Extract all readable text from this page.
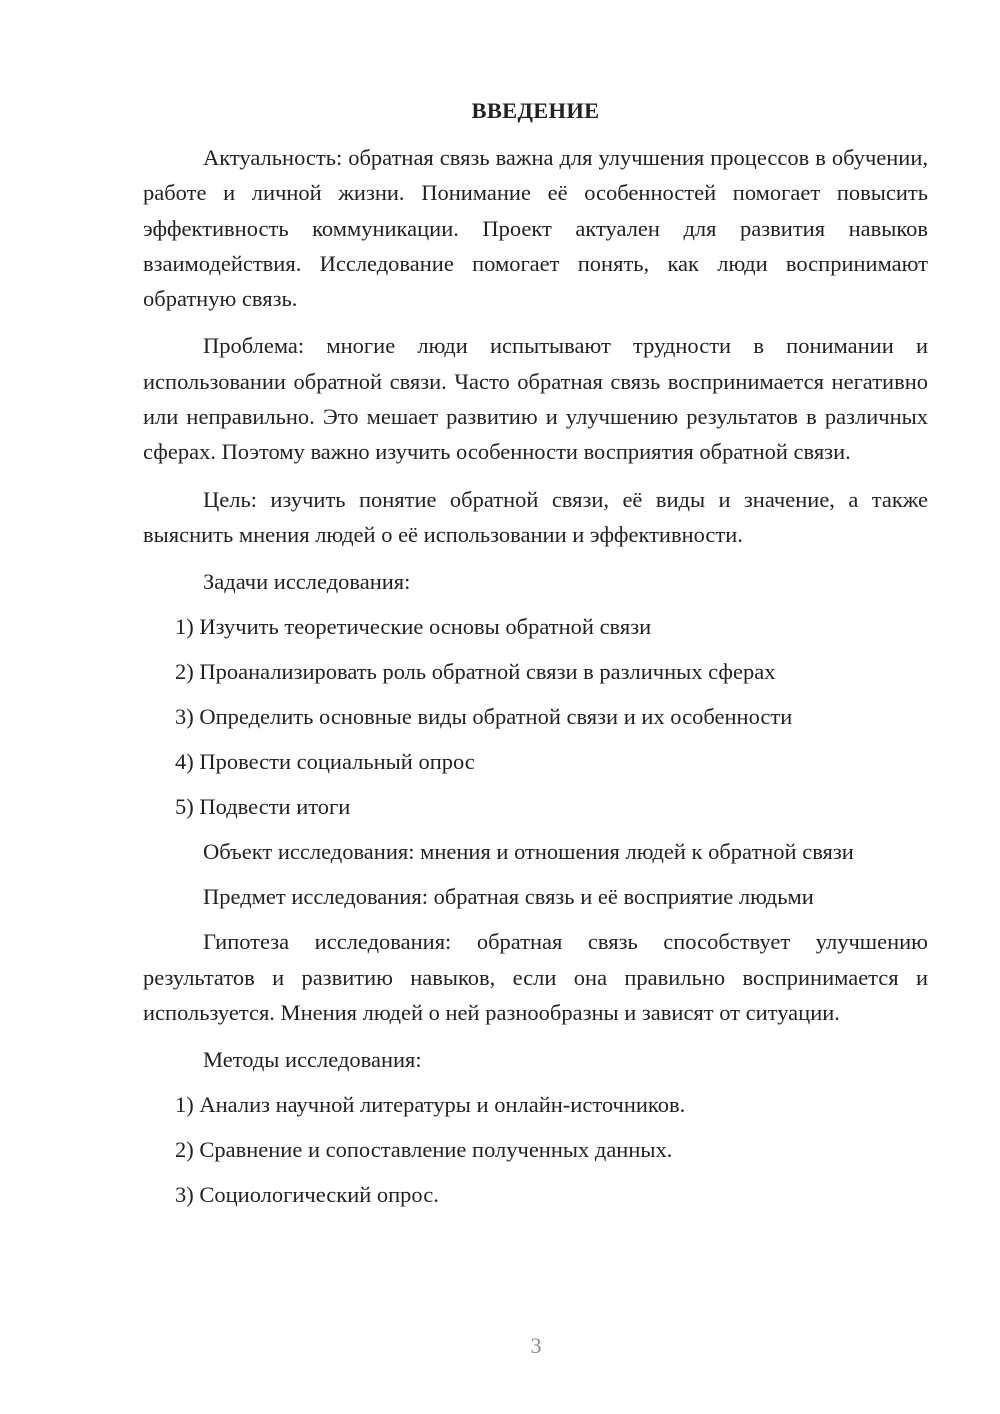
ВВЕДЕНИЕ

Актуальность: обратная связь важна для улучшения процессов в обучении, работе и личной жизни. Понимание её особенностей помогает повысить эффективность коммуникации. Проект актуален для развития навыков взаимодействия. Исследование помогает понять, как люди воспринимают обратную связь.

Проблема: многие люди испытывают трудности в понимании и использовании обратной связи. Часто обратная связь воспринимается негативно или неправильно. Это мешает развитию и улучшению результатов в различных сферах. Поэтому важно изучить особенности восприятия обратной связи.

Цель: изучить понятие обратной связи, её виды и значение, а также выяснить мнения людей о её использовании и эффективности.

Задачи исследования:

1) Изучить теоретические основы обратной связи
2) Проанализировать роль обратной связи в различных сферах
3) Определить основные виды обратной связи и их особенности
4) Провести социальный опрос
5) Подвести итоги

Объект исследования: мнения и отношения людей к обратной связи

Предмет исследования: обратная связь и её восприятие людьми

Гипотеза исследования: обратная связь способствует улучшению результатов и развитию навыков, если она правильно воспринимается и используется. Мнения людей о ней разнообразны и зависят от ситуации.

Методы исследования:

1) Анализ научной литературы и онлайн-источников.
2) Сравнение и сопоставление полученных данных.
3) Социологический опрос.
3
